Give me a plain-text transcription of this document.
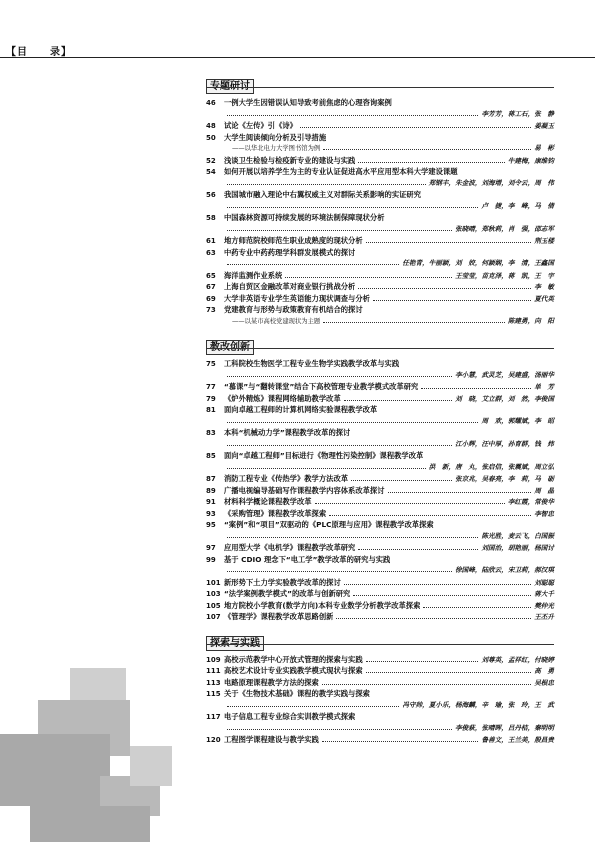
【目　　录】
专题研讨
46	一例大学生因错误认知导致考前焦虑的心理咨询案例
李芳芳，蒋工石，张　静
48	试论《左传》引《诗》	姜凝玉
50	大学生阅读倾向分析及引导措施
——以华北电力大学图书馆为例	易　彬
52	浅谈卫生检验与检疫新专业的建设与实践	牛建梅，康维钧
54	如何开展以培养学生为主的专业认证促进高水平应用型本科大学建设课题
郑钢丰，朱金波，刘海增，刘令云，周　伟
56	我国城市融入理论中右翼权威主义对群际关系影响的实证研究
卢　捷，李　峰，马　倩
58	中国森林资源可持续发展的环境法制保障现状分析
张晓晴，郑秋莉，肖　强，邵志军
61	地方师范院校师范生职业成熟度的现状分析	荆玉楼
63	中药专业中药药理学科群发展模式的探讨
任艳青，牛丽颖，刘　姣，何颖娴，李　清，王鑫国
65	海洋监测作业系统	王莹莹，苗克泽，蒋　凯，王　宇
67	上海自贸区金融改革对商业银行挑战分析	李　敏
69	大学非英语专业学生英语能力现状调查与分析	夏代英
73	党建教育与形势与政策教育有机结合的探讨
——以某市高校党建现状为主题	陈建勇，向　阳
教改创新
75	工科院校生物医学工程专业生物学实践教学改革与实践
李小慧，武灵芝，吴建盛，汤丽华
77	“慕课”与“翻转课堂”结合下高校管理专业教学模式改革研究	单　芳
79	《炉外精炼》课程网络辅助教学改革	刘　晓，艾立群，刘　然，李俊国
81	面向卓越工程师的计算机网络实验课程教学改革
周　欢，郭耀斌，李　昭
83	本科“机械动力学”课程教学改革的探讨
江小辉，汪中厚，孙育群，钱　炜
85	面向“卓越工程师”目标进行《物理性污染控制》课程教学改革
洪　新，唐　丸，张启信，张震斌，周立弘
87	消防工程专业《传热学》教学方法改革	张京兆，吴春亮，李　莉，马　砺
89	广播电视编导基础写作课程教学内容体系改革探讨	周　晶
91	材料科学概论课程教学改革	李红霞，常俊华
93	《采购管理》课程教学改革探索	李智忠
95	“案例”和“项目”双驱动的《PLC原理与应用》课程教学改革探索
陈光胜，麦云飞，白国振
97	应用型大学《电机学》课程教学改革研究	刘国治，胡艳丽，杨国讨
99	基于 CDIO 理念下“电工学”教学改革的研究与实践
徐国峰，陆欣云，宋卫莉，郝汉琪
101 新形势下土力学实验教学改革的探讨	刘聪聪
103 “法学案例教学模式”的改革与创新研究	蒋大千
105 地方院校小学教育(数学方向)本科专业数学分析教学改革探索	樊仲光
107 《管理学》课程教学改革思路创新	王丕升
探索与实践
109 高校示范教学中心开放式管理的探索与实践	刘尊英，孟祥红，付晓婷
111 高校艺术设计专业实践教学模式现状与探索	高　勇
113 电路原理课程教学方法的探索	吴根忠
115 关于《生物技术基础》课程的教学实践与探索
冯守帅，夏小乐，杨海麟，辛　瑜，张　玲，王　武
117 电子信息工程专业综合实训教学模式探索
李俊萩，张晴晖，吕丹桔，秦明明
120 工程图学课程建设与教学实践	鲁善文，王兰美，殷昌贵
